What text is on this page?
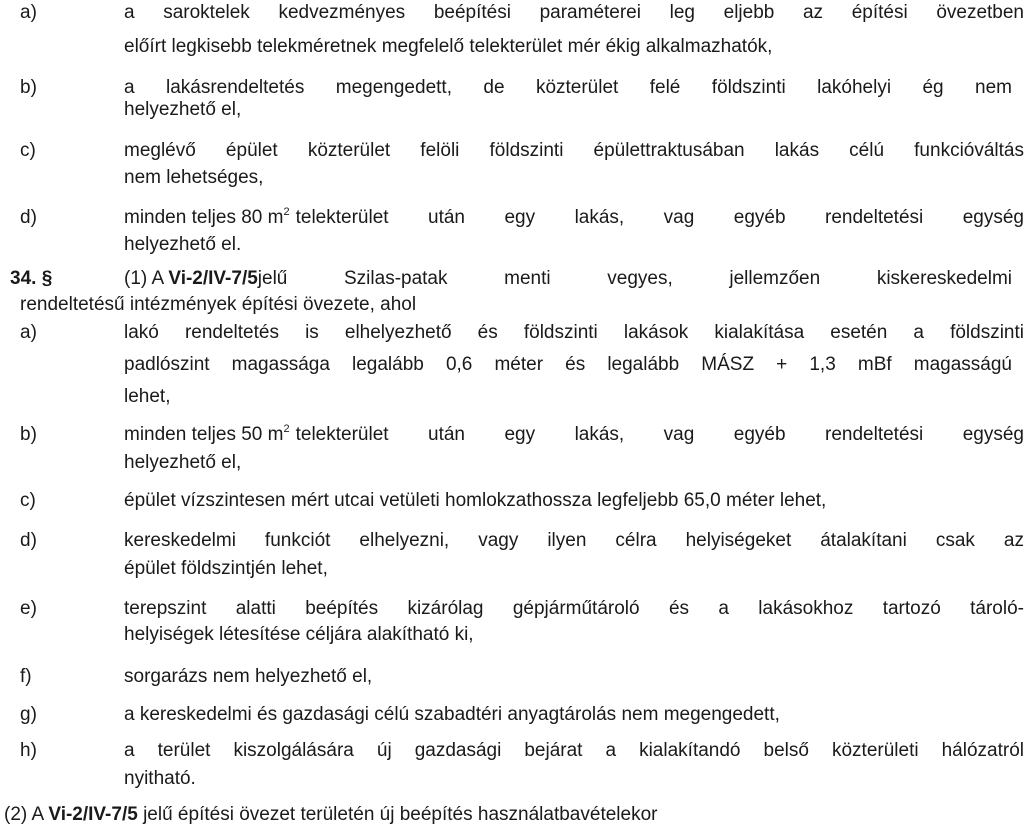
a)	a saroktelek kedvezményes beépítési paraméterei leg eljebb az építési övezetben
előírt legkisebb telekméretnek megfelelő telekterület mér ékig alkalmazhatók,
b)	a lakásrendeltetés megengedett, de közterület felé földszinti lakóhelyi ég nem
helyezhető el,
c)	meglévő épület közterület felöli földszinti épülettraktusában lakás célú funkcióváltás
nem lehetséges,
d)	minden teljes 80 $m^2$ telekterület után egy lakás, vag egyéb rendeltetési egység
helyezhető el.
34. §	(1) A Vi-2/IV-7/5 jelű Szilas-patak menti vegyes, jellemzően kiskereskedelmi
rendeltetésű intézmények építési övezete, ahol
a)	lakó rendeltetés is elhelyezhető és földszinti lakások kialakítása esetén a földszinti
padlószint magassága legalább 0,6 méter és legalább MÁSZ + 1,3 mBf magasságú
lehet,
b)	minden teljes 50 $m^2$ telekterület után egy lakás, vag egyéb rendeltetési egység
helyezhető el,
c)	épület vízszintesen mért utcai vetületi homlokzathossza legfeljebb 65,0 méter lehet,
d)	kereskedelmi funkciót elhelyezni, vagy ilyen célra helyiségeket átalakítani csak az
épület földszintjén lehet,
e)	terepszint alatti beépítés kizárólag gépjárműtároló és a lakásokhoz tartozó tároló-
helyiségek létesítése céljára alakítható ki,
f)	sorgarázs nem helyezhető el,
g)	a kereskedelmi és gazdasági célú szabadtéri anyagtárolás nem megengedett,
h)	a terület kiszolgálására új gazdasági bejárat a kialakítandó belső közterületi hálózatról
nyitható.
(2) A Vi-2/IV-7/5 jelű építési övezet területén új beépítés használatbavételekor
